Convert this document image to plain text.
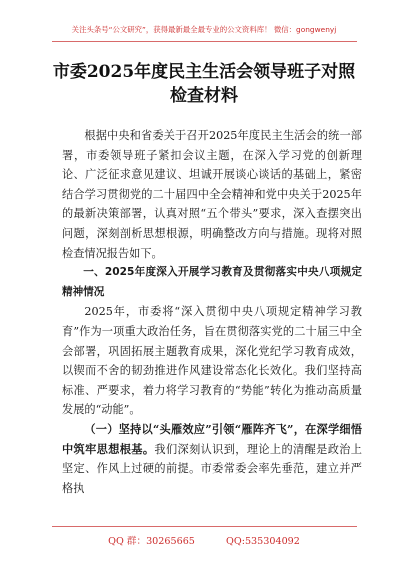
关注头条号“公文研究”，获得最新最全最专业的公文资料库！ 微信：gongwenyj
市委2025年度民主生活会领导班子对照
检查材料

根据中央和省委关于召开2025年度民主生活会的统一部署，市委领导班子紧扣会议主题，在深入学习党的创新理论、广泛征求意见建议、坦诚开展谈心谈话的基础上，紧密结合学习贯彻党的二十届四中全会精神和党中央关于2025年的最新决策部署，认真对照“五个带头”要求，深入查摆突出问题，深刻剖析思想根源，明确整改方向与措施。现将对照检查情况报告如下。

一、2025年度深入开展学习教育及贯彻落实中央八项规定精神情况

2025年，市委将“深入贯彻中央八项规定精神学习教育”作为一项重大政治任务，旨在贯彻落实党的二十届三中全会部署，巩固拓展主题教育成果，深化党纪学习教育成效，以锲而不舍的韧劲推进作风建设常态化长效化。我们坚持高标准、严要求，着力将学习教育的“势能”转化为推动高质量发展的“动能”。

（一）坚持以“头雁效应”引领“雁阵齐飞”，在深学细悟中筑牢思想根基。我们深刻认识到，理论上的清醒是政治上坚定、作风上过硬的前提。市委常委会率先垂范，建立并严格执

QQ 群：30265665	QQ:535304092
